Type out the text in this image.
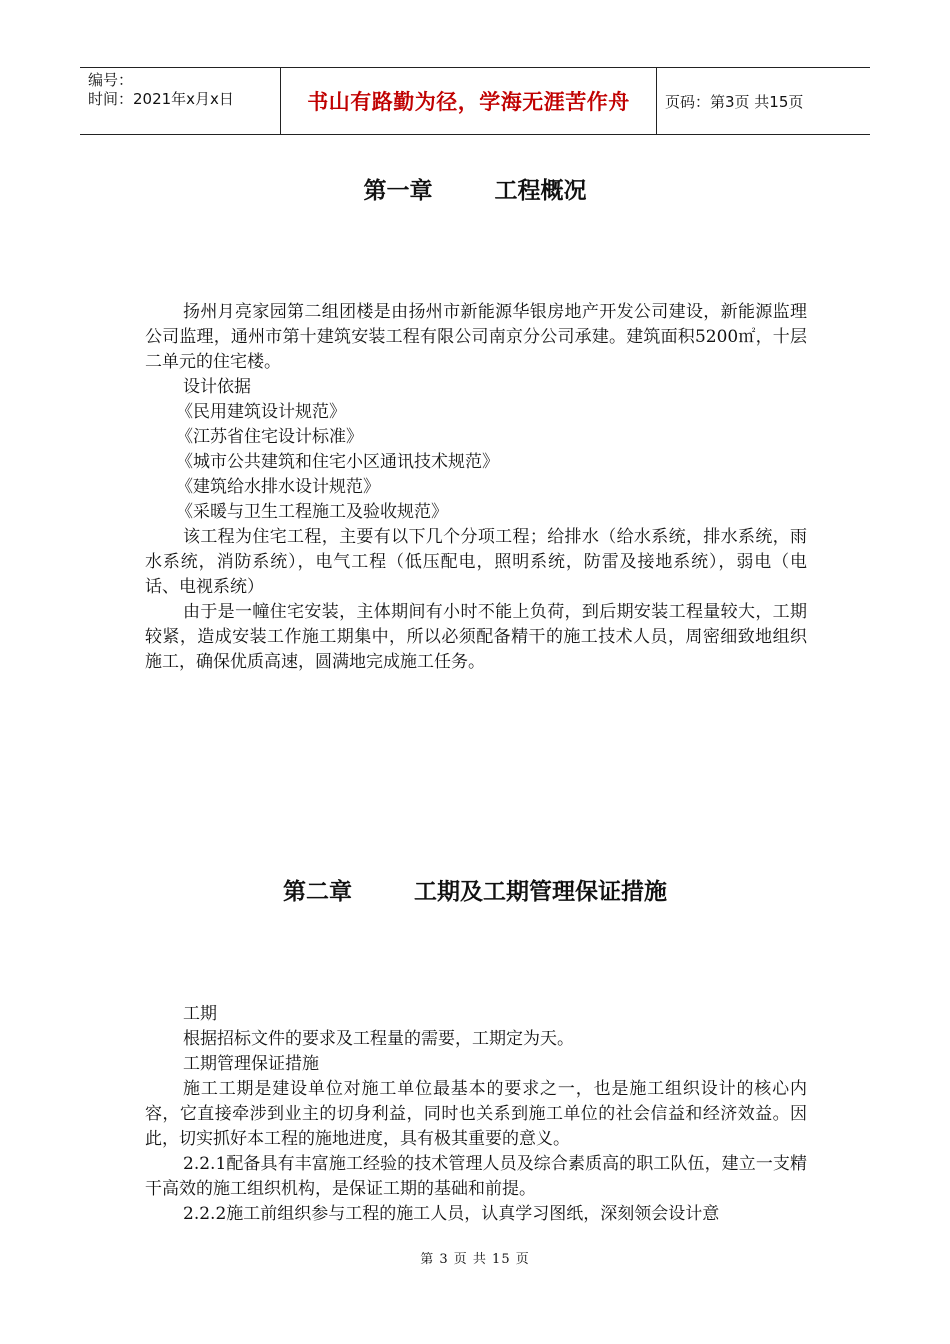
编号：
时间：2021年x月x日	书山有路勤为径，学海无涯苦作舟 页码：第3页 共15页
第一章	工程概况

扬州月亮家园第二组团楼是由扬州市新能源华银房地产开发公司建设，新能源监理公司监理，通州市第十建筑安装工程有限公司南京分公司承建。建筑面积5200㎡，十层二单元的住宅楼。

设计依据

《民用建筑设计规范》

《江苏省住宅设计标准》

《城市公共建筑和住宅小区通讯技术规范》

《建筑给水排水设计规范》

《采暖与卫生工程施工及验收规范》

该工程为住宅工程，主要有以下几个分项工程；给排水（给水系统，排水系统，雨水系统，消防系统），电气工程（低压配电，照明系统，防雷及接地系统），弱电（电话、电视系统）

由于是一幢住宅安装，主体期间有小时不能上负荷，到后期安装工程量较大，工期较紧，造成安装工作施工期集中，所以必须配备精干的施工技术人员，周密细致地组织施工，确保优质高速，圆满地完成施工任务。

第二章	工期及工期管理保证措施

工期

根据招标文件的要求及工程量的需要，工期定为天。

工期管理保证措施

施工工期是建设单位对施工单位最基本的要求之一，也是施工组织设计的核心内容，它直接牵涉到业主的切身利益，同时也关系到施工单位的社会信益和经济效益。因此，切实抓好本工程的施地进度，具有极其重要的意义。

2.2.1配备具有丰富施工经验的技术管理人员及综合素质高的职工队伍，建立一支精干高效的施工组织机构，是保证工期的基础和前提。

2.2.2施工前组织参与工程的施工人员，认真学习图纸，深刻领会设计意

第 3 页 共 15 页
